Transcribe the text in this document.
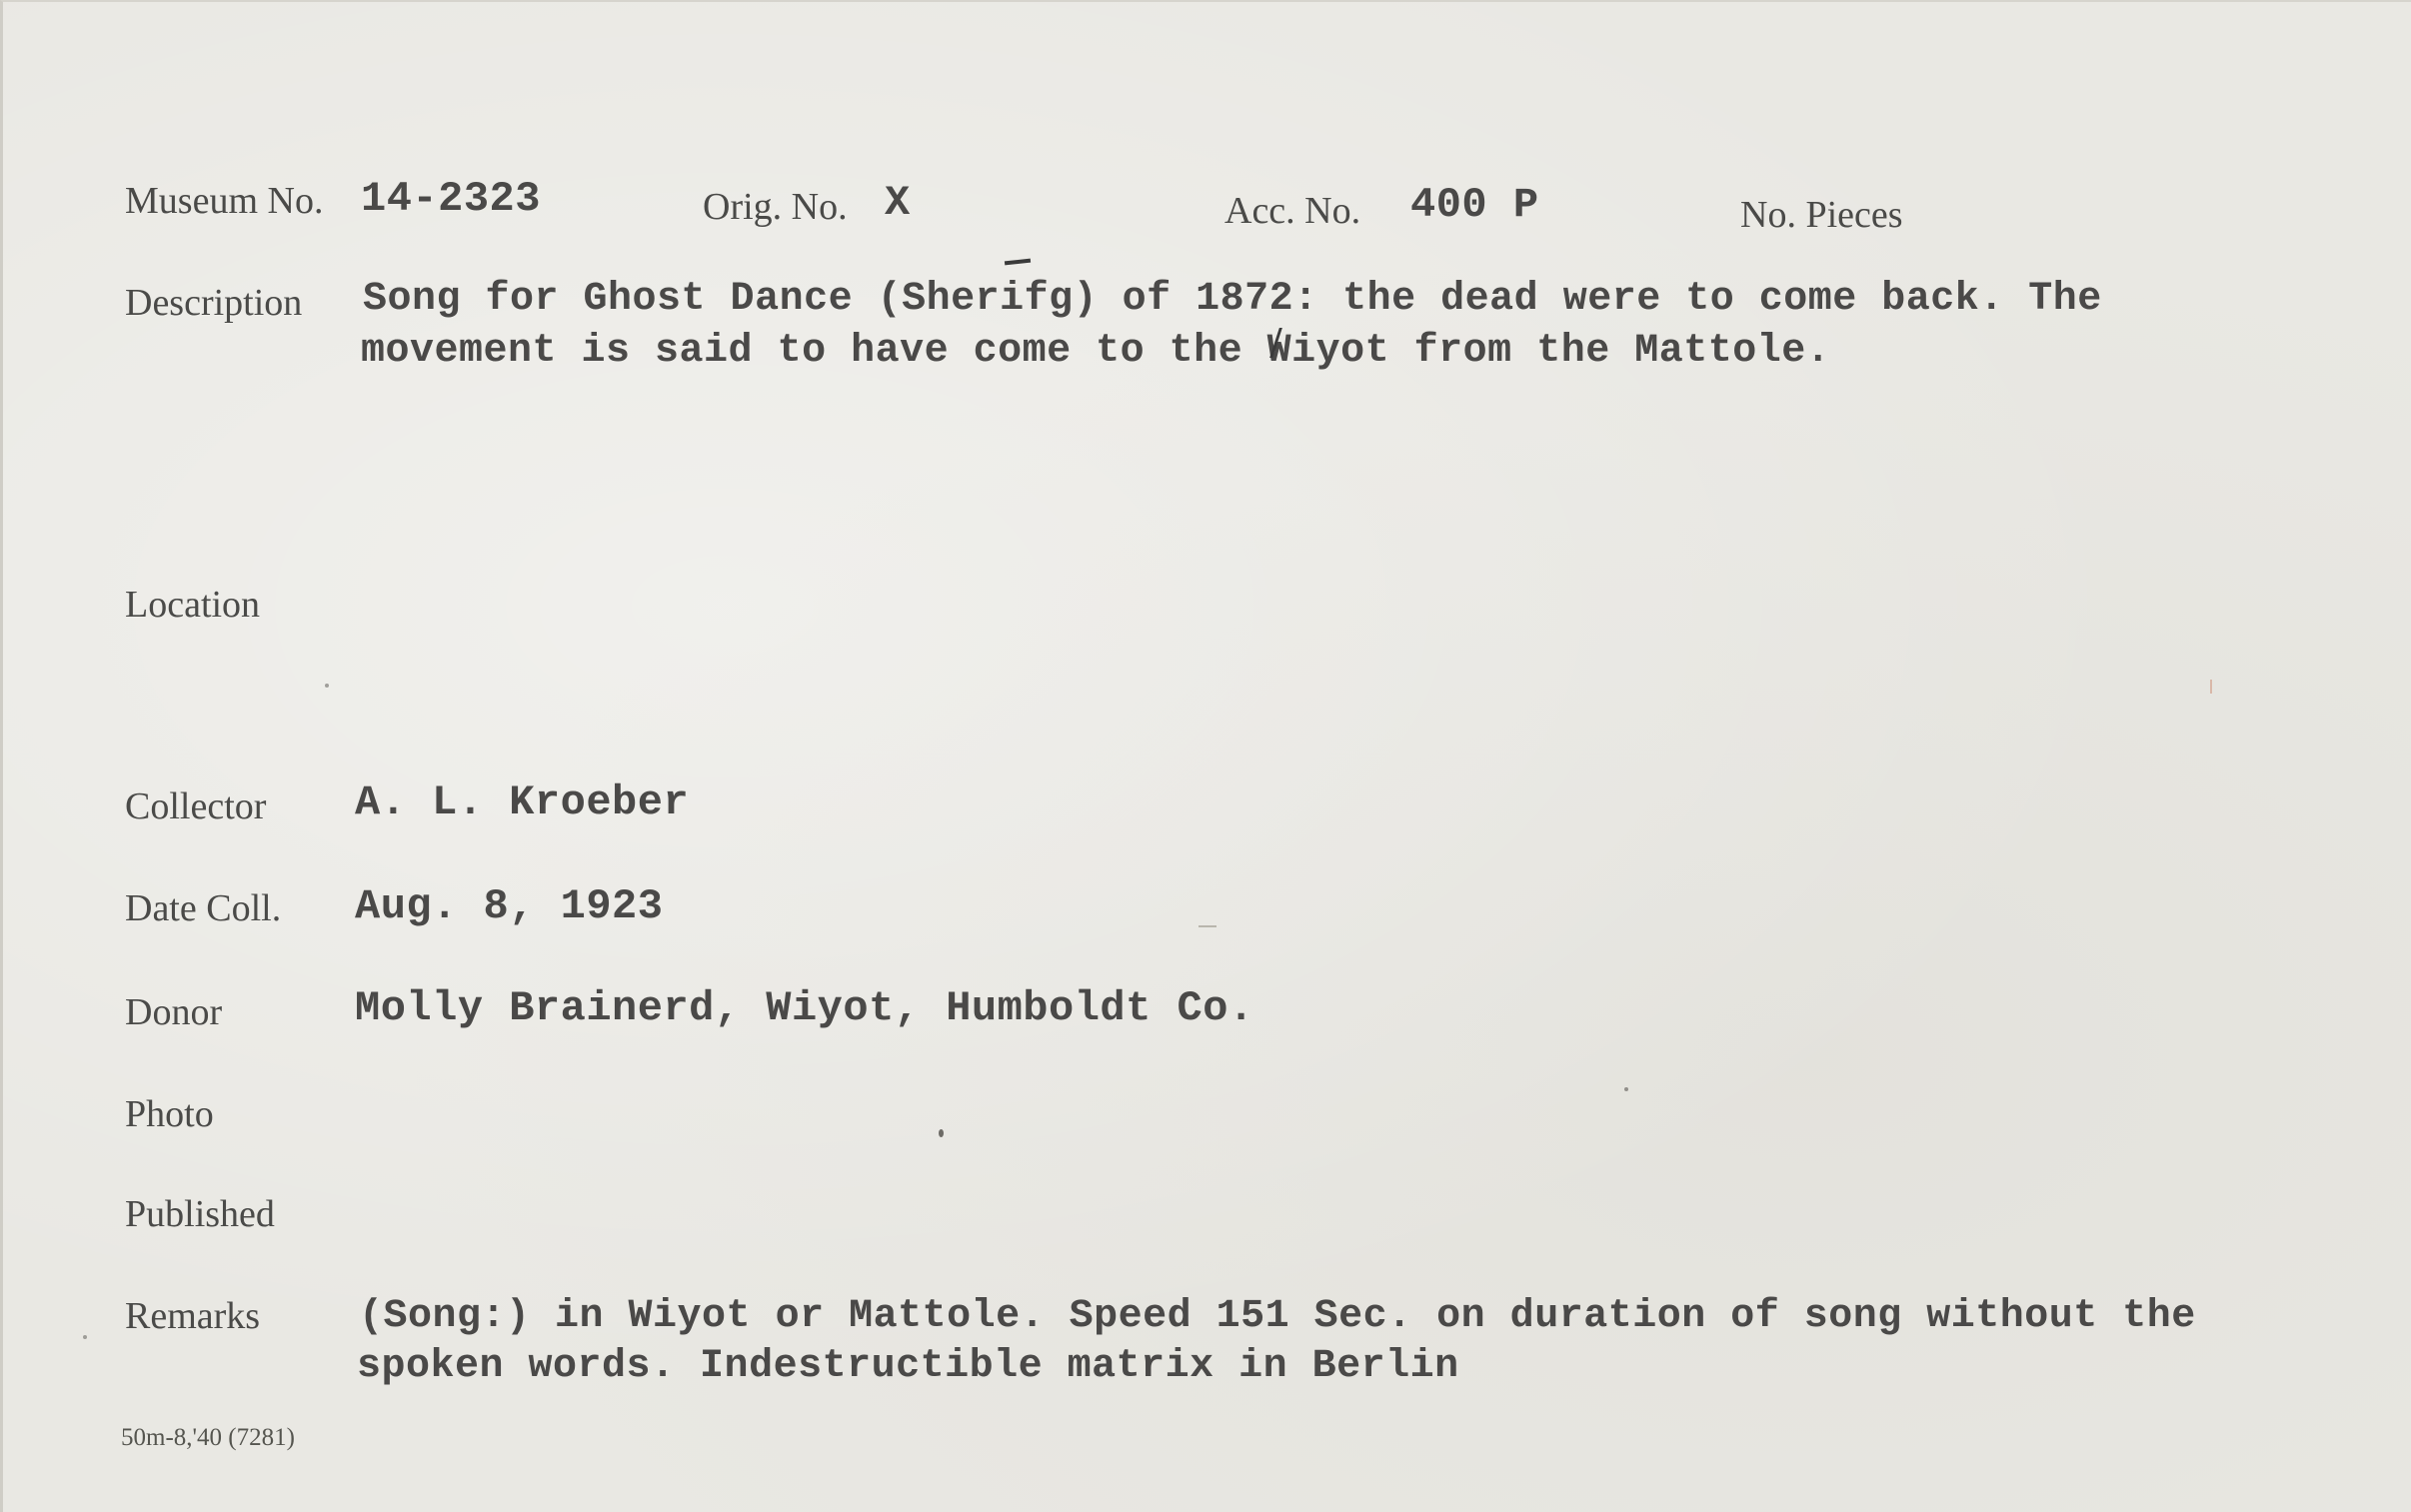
Museum No. 14-2323	Orig. No. X	Acc. No. 400 P	No. Pieces
Description Song for Ghost Dance (Sherifg) of 1872: the dead were to come back. The
movement is said to have come to the Wiyot from the Mattole.
Location
Collector A. L. Kroeber
Date Coll. Aug. 8, 1923
Donor	Molly Brainerd, Wiyot, Humboldt Co.
Photo
Published
Remarks (Song:) in Wiyot or Mattole. Speed 151 Sec. on duration of song without the
spoken words. Indestructible matrix in Berlin
50m-8,'40 (7281)
